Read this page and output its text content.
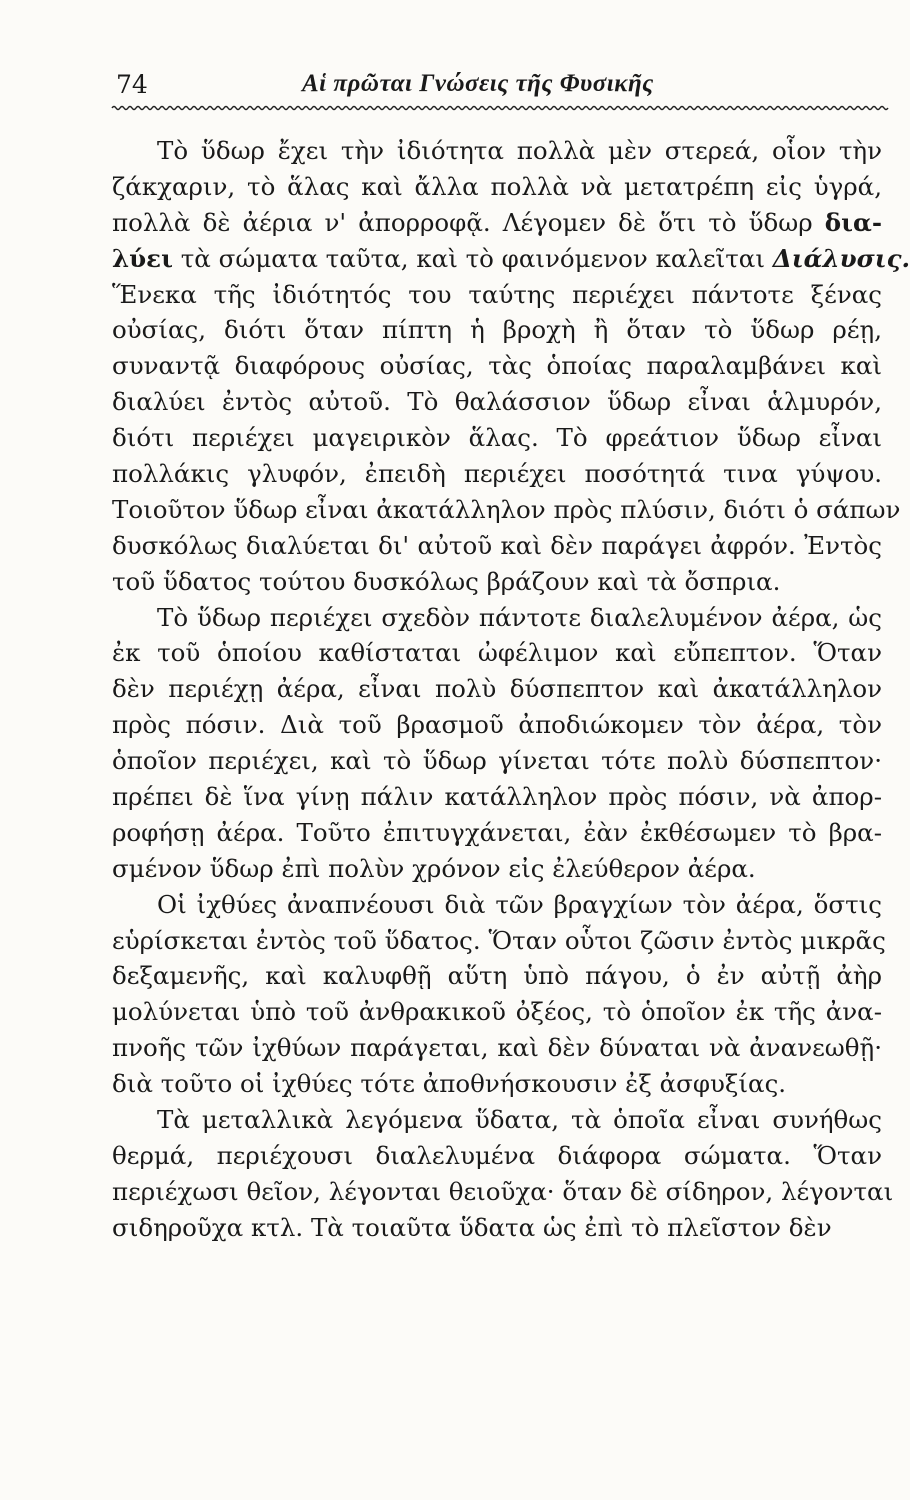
74	Αἱ πρῶται Γνώσεις τῆς Φυσικῆς
Τὸ ὕδωρ ἔχει τὴν ἰδιότητα πολλὰ μὲν στερεά, οἷον τὴν
ζάκχαριν, τὸ ἅλας καὶ ἄλλα πολλὰ νὰ μετατρέπη εἰς ὑγρά,
πολλὰ δὲ ἀέρια ν' ἀπορροφᾷ. Λέγομεν δὲ ὅτι τὸ ὕδωρ δια-
λύει τὰ σώματα ταῦτα, καὶ τὸ φαινόμενον καλεῖται Διάλυσις.
Ἕνεκα τῆς ἰδιότητός του ταύτης περιέχει πάντοτε ξένας
οὐσίας, διότι ὅταν πίπτη ἡ βροχὴ ἢ ὅταν τὸ ὕδωρ ρέῃ,
συναντᾷ διαφόρους οὐσίας, τὰς ὁποίας παραλαμβάνει καὶ
διαλύει ἐντὸς αὐτοῦ. Τὸ θαλάσσιον ὕδωρ εἶναι ἁλμυρόν,
διότι περιέχει μαγειρικὸν ἅλας. Τὸ φρεάτιον ὕδωρ εἶναι
πολλάκις γλυφόν, ἐπειδὴ περιέχει ποσότητά τινα γύψου.
Τοιοῦτον ὕδωρ εἶναι ἀκατάλληλον πρὸς πλύσιν, διότι ὁ σάπων
δυσκόλως διαλύεται δι' αὐτοῦ καὶ δὲν παράγει ἀφρόν. Ἐντὸς
τοῦ ὕδατος τούτου δυσκόλως βράζουν καὶ τὰ ὄσπρια.
Τὸ ὕδωρ περιέχει σχεδὸν πάντοτε διαλελυμένον ἀέρα, ὡς
ἐκ τοῦ ὁποίου καθίσταται ὠφέλιμον καὶ εὔπεπτον. Ὅταν
δὲν περιέχῃ ἀέρα, εἶναι πολὺ δύσπεπτον καὶ ἀκατάλληλον
πρὸς πόσιν. Διὰ τοῦ βρασμοῦ ἀποδιώκομεν τὸν ἀέρα, τὸν
ὁποῖον περιέχει, καὶ τὸ ὕδωρ γίνεται τότε πολὺ δύσπεπτον·
πρέπει δὲ ἵνα γίνῃ πάλιν κατάλληλον πρὸς πόσιν, νὰ ἀπορ-
ροφήσῃ ἀέρα. Τοῦτο ἐπιτυγχάνεται, ἐὰν ἐκθέσωμεν τὸ βρα-
σμένον ὕδωρ ἐπὶ πολὺν χρόνον εἰς ἐλεύθερον ἀέρα.
Οἱ ἰχθύες ἀναπνέουσι διὰ τῶν βραγχίων τὸν ἀέρα, ὅστις
εὑρίσκεται ἐντὸς τοῦ ὕδατος. Ὅταν οὗτοι ζῶσιν ἐντὸς μικρᾶς
δεξαμενῆς, καὶ καλυφθῇ αὕτη ὑπὸ πάγου, ὁ ἐν αὐτῇ ἀὴρ
μολύνεται ὑπὸ τοῦ ἀνθρακικοῦ ὀξέος, τὸ ὁποῖον ἐκ τῆς ἀνα-
πνοῆς τῶν ἰχθύων παράγεται, καὶ δὲν δύναται νὰ ἀνανεωθῇ·
διὰ τοῦτο οἱ ἰχθύες τότε ἀποθνήσκουσιν ἐξ ἀσφυξίας.
Τὰ μεταλλικὰ λεγόμενα ὕδατα, τὰ ὁποῖα εἶναι συνήθως
θερμά, περιέχουσι διαλελυμένα διάφορα σώματα. Ὅταν
περιέχωσι θεῖον, λέγονται θειοῦχα· ὅταν δὲ σίδηρον, λέγονται
σιδηροῦχα κτλ. Τὰ τοιαῦτα ὕδατα ὡς ἐπὶ τὸ πλεῖστον δὲν
